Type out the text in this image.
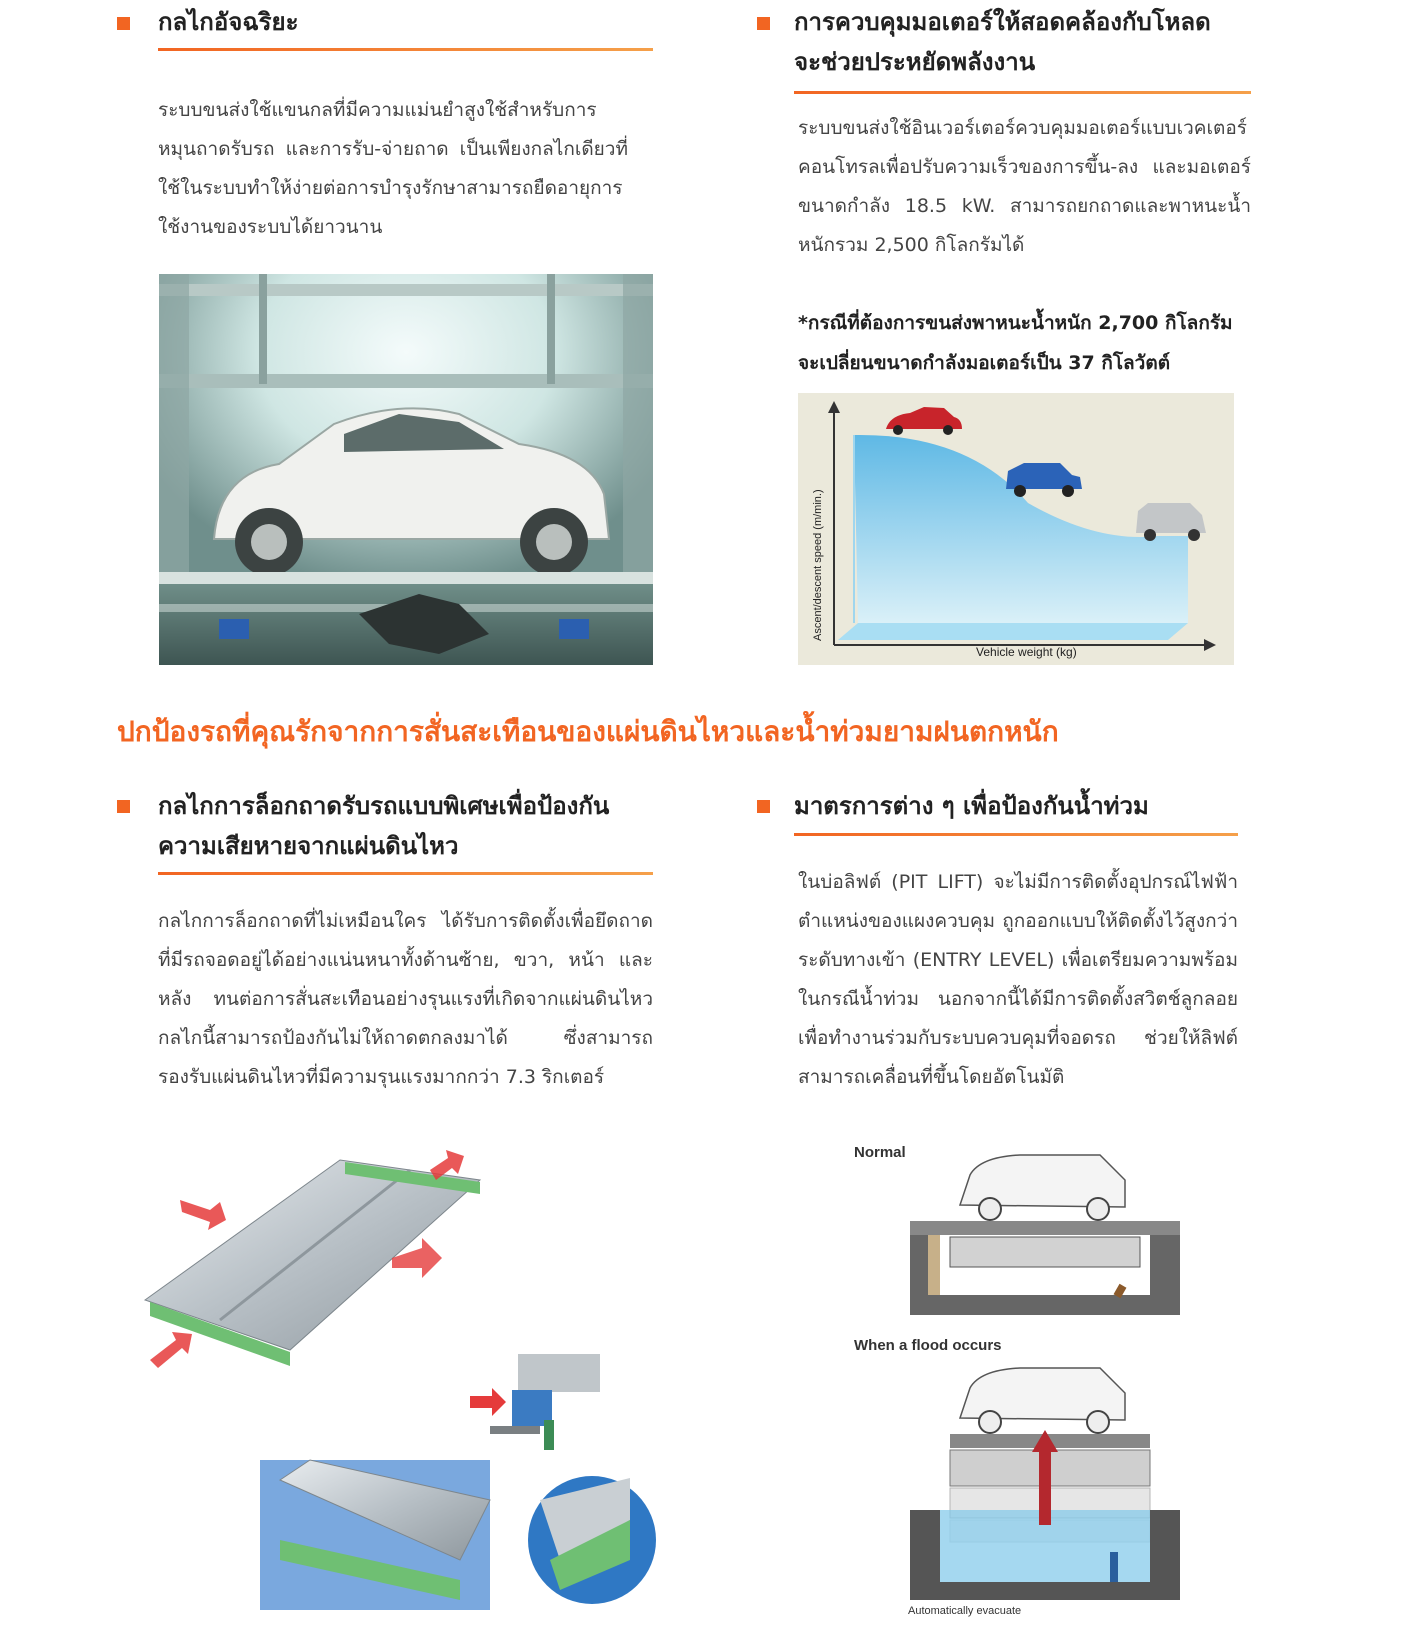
กลไกอัจฉริยะ
ระบบขนส่งใช้แขนกลที่มีความแม่นยำสูงใช้สำหรับการหมุนถาดรับรถ และการรับ-จ่ายถาด เป็นเพียงกลไกเดียวที่ใช้ในระบบทำให้ง่ายต่อการบำรุงรักษาสามารถยืดอายุการใช้งานของระบบได้ยาวนาน
การควบคุมมอเตอร์ให้สอดคล้องกับโหลด
จะช่วยประหยัดพลังงาน
ระบบขนส่งใช้อินเวอร์เตอร์ควบคุมมอเตอร์แบบเวคเตอร์คอนโทรลเพื่อปรับความเร็วของการขึ้น-ลง และมอเตอร์ขนาดกำลัง 18.5 kW. สามารถยกถาดและพาหนะน้ำหนักรวม 2,500 กิโลกรัมได้
*กรณีที่ต้องการขนส่งพาหนะน้ำหนัก 2,700 กิโลกรัม
จะเปลี่ยนขนาดกำลังมอเตอร์เป็น 37 กิโลวัตต์
Ascent/descent speed (m/min.)
Vehicle weight (kg)
ปกป้องรถที่คุณรักจากการสั่นสะเทือนของแผ่นดินไหวและน้ำท่วมยามฝนตกหนัก
กลไกการล็อกถาดรับรถแบบพิเศษเพื่อป้องกัน
ความเสียหายจากแผ่นดินไหว
กลไกการล็อกถาดที่ไม่เหมือนใคร ได้รับการติดตั้งเพื่อยึดถาดที่มีรถจอดอยู่ได้อย่างแน่นหนาทั้งด้านซ้าย, ขวา, หน้า และหลัง ทนต่อการสั่นสะเทือนอย่างรุนแรงที่เกิดจากแผ่นดินไหว กลไกนี้สามารถป้องกันไม่ให้ถาดตกลงมาได้ ซึ่งสามารถรองรับแผ่นดินไหวที่มีความรุนแรงมากกว่า 7.3 ริกเตอร์
มาตรการต่าง ๆ เพื่อป้องกันน้ำท่วม
ในบ่อลิฟต์ (PIT LIFT) จะไม่มีการติดตั้งอุปกรณ์ไฟฟ้าตำแหน่งของแผงควบคุม ถูกออกแบบให้ติดตั้งไว้สูงกว่าระดับทางเข้า (ENTRY LEVEL) เพื่อเตรียมความพร้อมในกรณีน้ำท่วม นอกจากนี้ได้มีการติดตั้งสวิตช์ลูกลอยเพื่อทำงานร่วมกับระบบควบคุมที่จอดรถ ช่วยให้ลิฟต์สามารถเคลื่อนที่ขึ้นโดยอัตโนมัติ
Normal
When a flood occurs
Automatically evacuate
